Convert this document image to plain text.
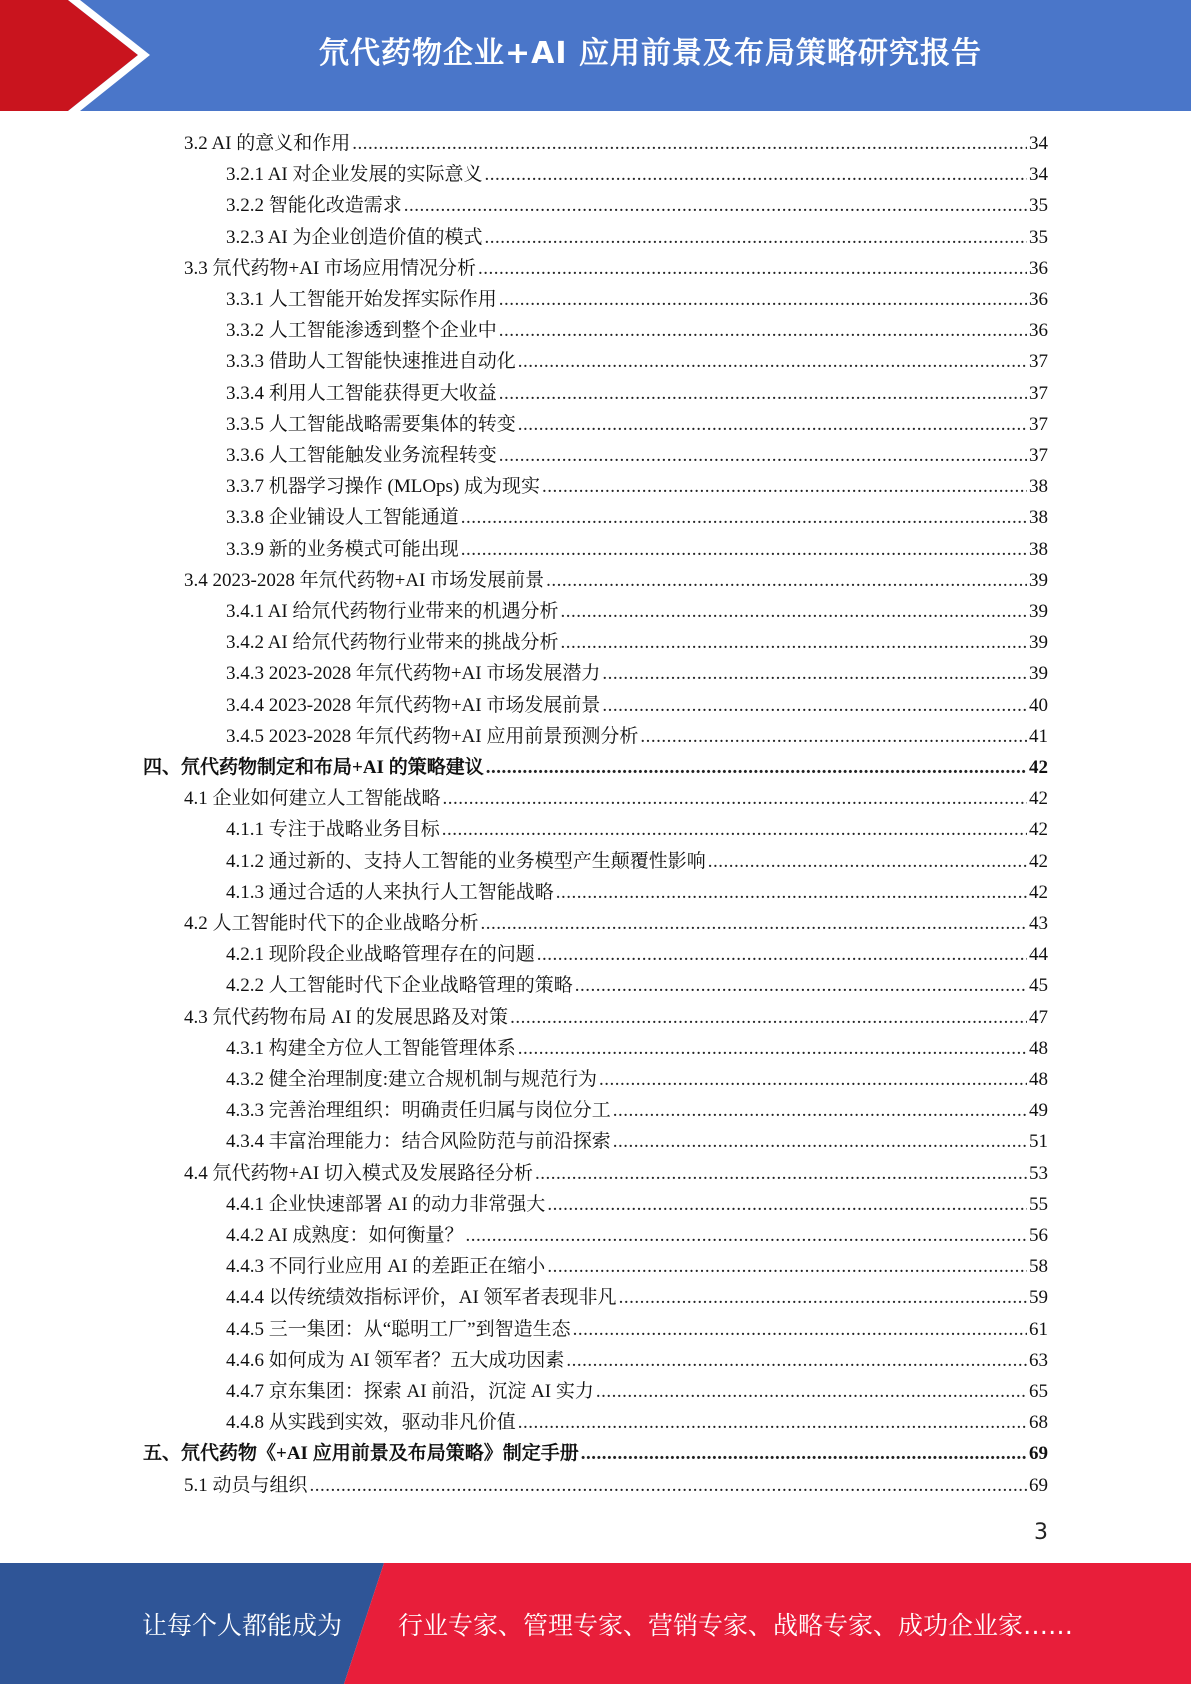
氘代药物企业+AI 应用前景及布局策略研究报告
3.2 AI 的意义和作用 .....	34
3.2.1 AI 对企业发展的实际意义 .....	34
3.2.2 智能化改造需求 .....	35
3.2.3 AI 为企业创造价值的模式 .....	35
3.3 氘代药物+AI 市场应用情况分析 .....	36
3.3.1 人工智能开始发挥实际作用 .....	36
3.3.2 人工智能渗透到整个企业中 .....	36
3.3.3 借助人工智能快速推进自动化 .....	37
3.3.4 利用人工智能获得更大收益 .....	37
3.3.5 人工智能战略需要集体的转变 .....	37
3.3.6 人工智能触发业务流程转变 .....	37
3.3.7 机器学习操作 (MLOps) 成为现实 .....	38
3.3.8 企业铺设人工智能通道 .....	38
3.3.9 新的业务模式可能出现 .....	38
3.4 2023-2028 年氘代药物+AI 市场发展前景 .....	39
3.4.1 AI 给氘代药物行业带来的机遇分析 .....	39
3.4.2 AI 给氘代药物行业带来的挑战分析 .....	39
3.4.3 2023-2028 年氘代药物+AI 市场发展潜力 .....	39
3.4.4 2023-2028 年氘代药物+AI 市场发展前景 .....	40
3.4.5 2023-2028 年氘代药物+AI 应用前景预测分析 .....	41
四、氘代药物制定和布局+AI 的策略建议 .....	42
4.1 企业如何建立人工智能战略 .....	42
4.1.1 专注于战略业务目标 .....	42
4.1.2 通过新的、支持人工智能的业务模型产生颠覆性影响 .....	42
4.1.3 通过合适的人来执行人工智能战略 .....	42
4.2 人工智能时代下的企业战略分析 .....	43
4.2.1 现阶段企业战略管理存在的问题 .....	44
4.2.2 人工智能时代下企业战略管理的策略 .....	45
4.3 氘代药物布局 AI 的发展思路及对策 .....	47
4.3.1 构建全方位人工智能管理体系 .....	48
4.3.2 健全治理制度:建立合规机制与规范行为 .....	48
4.3.3 完善治理组织：明确责任归属与岗位分工 .....	49
4.3.4 丰富治理能力：结合风险防范与前沿探索 .....	51
4.4 氘代药物+AI 切入模式及发展路径分析 .....	53
4.4.1 企业快速部署 AI 的动力非常强大 .....	55
4.4.2 AI 成熟度：如何衡量？ .....	56
4.4.3 不同行业应用 AI 的差距正在缩小 .....	58
4.4.4 以传统绩效指标评价，AI 领军者表现非凡 .....	59
4.4.5 三一集团：从“聪明工厂”到智造生态 .....	61
4.4.6 如何成为 AI 领军者？五大成功因素 .....	63
4.4.7 京东集团：探索 AI 前沿，沉淀 AI 实力 .....	65
4.4.8 从实践到实效，驱动非凡价值 .....	68
五、氘代药物《+AI 应用前景及布局策略》制定手册 .....	69
5.1 动员与组织 .....	69
3
让每个人都能成为	行业专家、管理专家、营销专家、战略专家、成功企业家……
